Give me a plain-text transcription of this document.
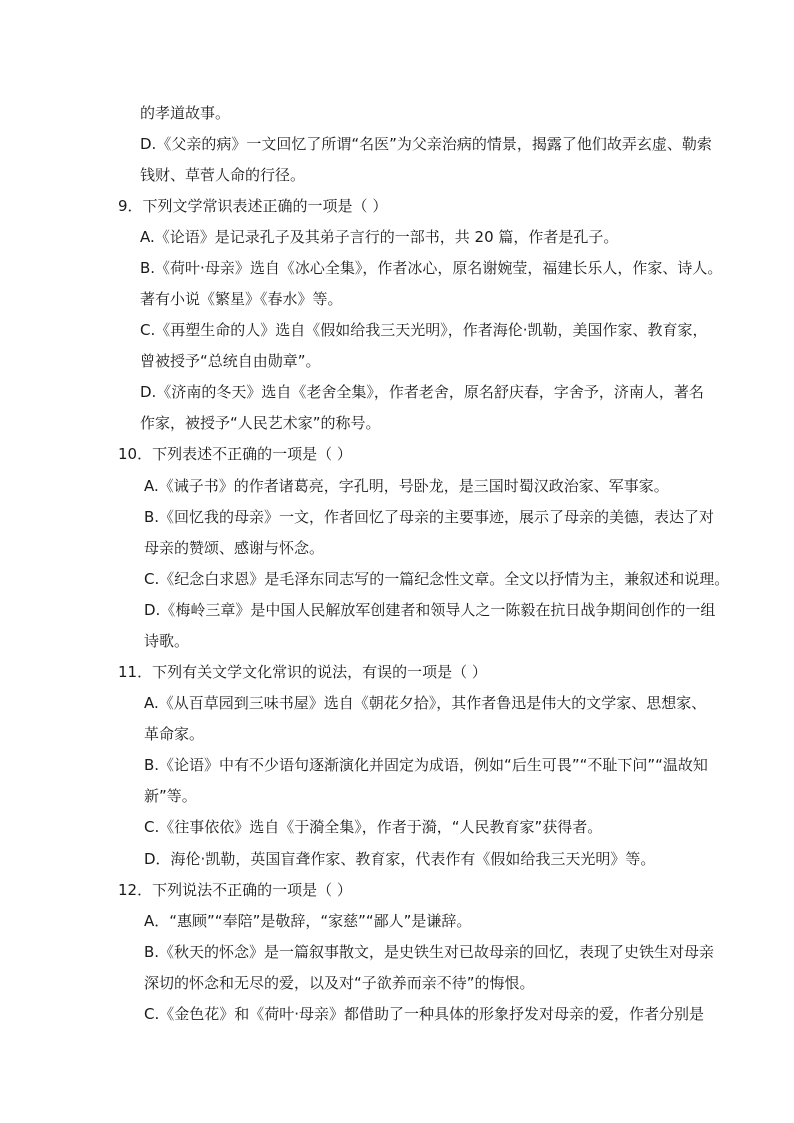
的孝道故事。
D.《父亲的病》一文回忆了所谓“名医”为父亲治病的情景，揭露了他们故弄玄虚、勒索
钱财、草菅人命的行径。
9．下列文学常识表述正确的一项是（ ）
A.《论语》是记录孔子及其弟子言行的一部书，共 20 篇，作者是孔子。
B.《荷叶·母亲》选自《冰心全集》，作者冰心，原名谢婉莹，福建长乐人，作家、诗人。
著有小说《繁星》《春水》等。
C.《再塑生命的人》选自《假如给我三天光明》，作者海伦·凯勒，美国作家、教育家，
曾被授予“总统自由勋章”。
D.《济南的冬天》选自《老舍全集》，作者老舍，原名舒庆春，字舍予，济南人，著名
作家，被授予“人民艺术家”的称号。
10．下列表述不正确的一项是（ ）
A.《诫子书》的作者诸葛亮，字孔明，号卧龙，是三国时蜀汉政治家、军事家。
B.《回忆我的母亲》一文，作者回忆了母亲的主要事迹，展示了母亲的美德，表达了对
母亲的赞颂、感谢与怀念。
C.《纪念白求恩》是毛泽东同志写的一篇纪念性文章。全文以抒情为主，兼叙述和说理。
D.《梅岭三章》是中国人民解放军创建者和领导人之一陈毅在抗日战争期间创作的一组
诗歌。
11．下列有关文学文化常识的说法，有误的一项是（ ）
A.《从百草园到三味书屋》选自《朝花夕拾》，其作者鲁迅是伟大的文学家、思想家、
革命家。
B.《论语》中有不少语句逐渐演化并固定为成语，例如“后生可畏”“不耻下问”“温故知
新”等。
C.《往事依依》选自《于漪全集》，作者于漪，“人民教育家”获得者。
D．海伦·凯勒，英国盲聋作家、教育家，代表作有《假如给我三天光明》等。
12．下列说法不正确的一项是（ ）
A．“惠顾”“奉陪”是敬辞，“家慈”“鄙人”是谦辞。
B.《秋天的怀念》是一篇叙事散文，是史铁生对已故母亲的回忆，表现了史铁生对母亲
深切的怀念和无尽的爱，以及对“子欲养而亲不待”的悔恨。
C.《金色花》和《荷叶·母亲》都借助了一种具体的形象抒发对母亲的爱，作者分别是
